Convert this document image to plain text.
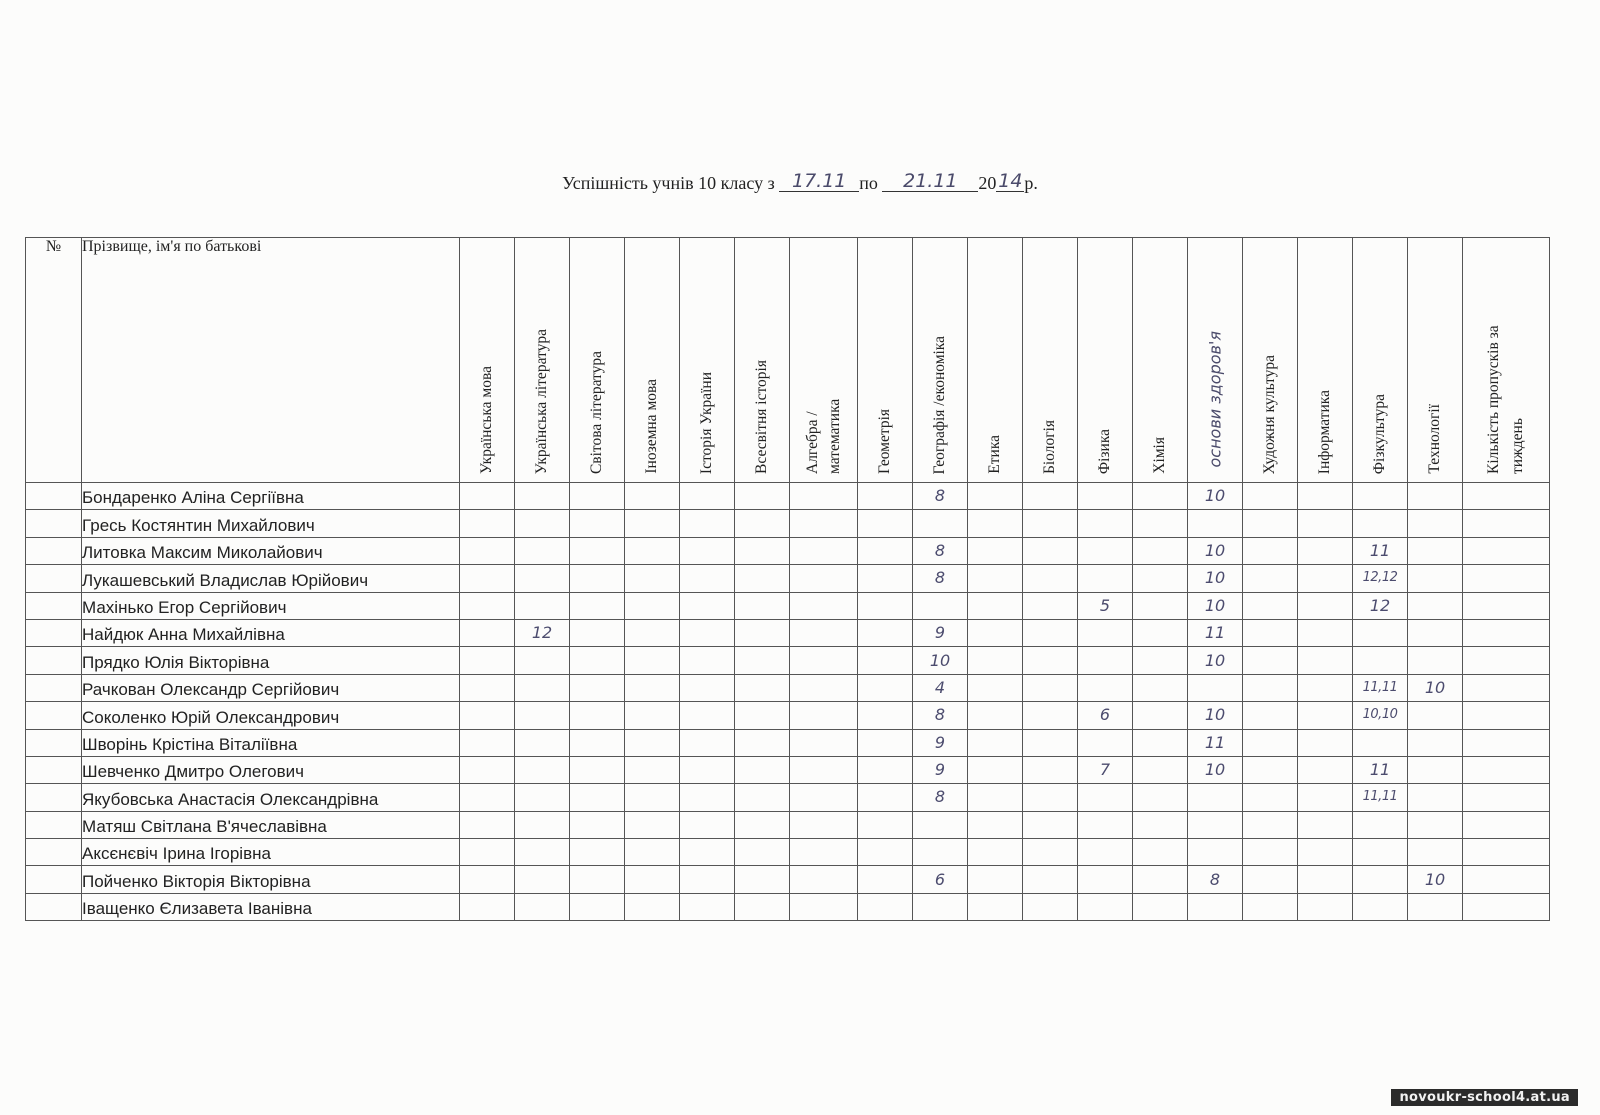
Успішність учнів 10 класу з 17.11 по 21.11 20 14 р.
№	Прізвище, ім'я по батькові	Українська мова	Українська література	Світова література	Іноземна мова	Історія України	Всесвітня історія	Алгебра / математика	Геометрія	Географія /економіка	Етика	Біологія	Фізика	Хімія	основи здоров'я	Художня культура	Інформатика	Фізкультура	Технології	Кількість пропусків за тиждень

	Бондаренко Аліна Сергіївна									8					10					
	Гресь Костянтин Михайлович																			
	Литовка Максим Миколайович									8					10			11		
	Лукашевський Владислав Юрійович									8					10			12,12		
	Махінько Егор Сергійович												5		10			12		
	Найдюк Анна Михайлівна		12							9					11					
	Прядко Юлія Вікторівна									10					10					
	Рачкован Олександр Сергійович									4								11,11	10	
	Соколенко Юрій Олександрович									8			6		10			10,10		
	Шворінь Крістіна Віталіївна									9					11					
	Шевченко Дмитро Олегович									9			7		10			11		
	Якубовська Анастасія Олександрівна									8								11,11		
	Матяш Світлана В'ячеславівна																			
	Аксєнєвіч Ірина Ігорівна																			
	Пойченко Вікторія Вікторівна									6					8				10	
	Іващенко Єлизавета Іванівна																			
novoukr-school4.at.ua
